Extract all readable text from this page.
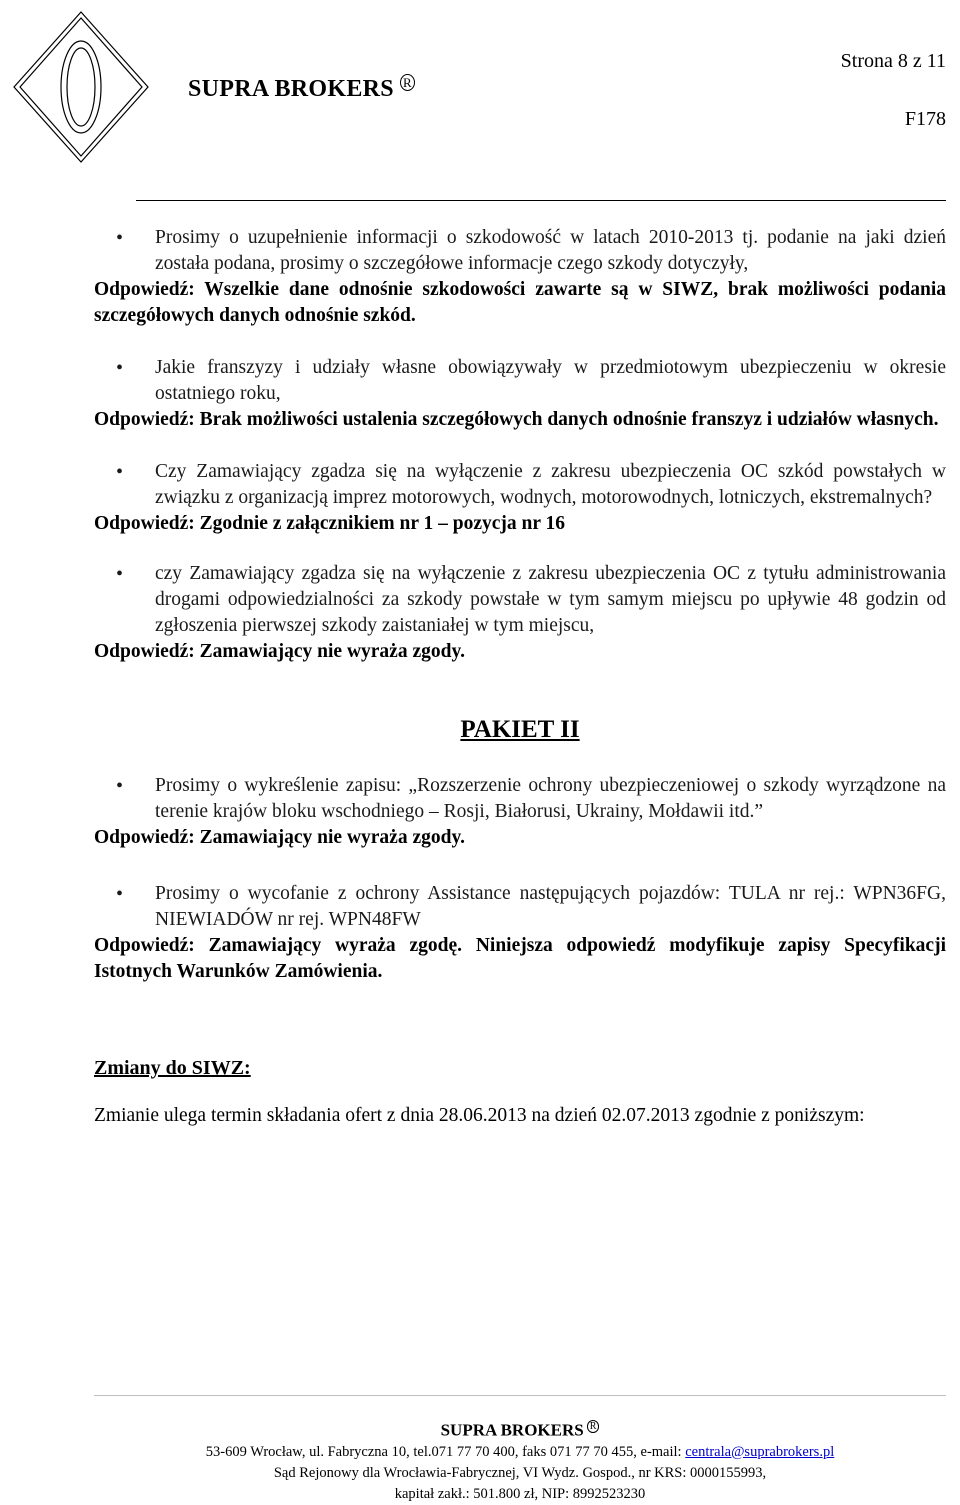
SUPRA BROKERS $^R$
Strona 8 z 11
F178
• Prosimy o uzupełnienie informacji o szkodowość w latach 2010-2013 tj. podanie na jaki dzień została podana, prosimy o szczegółowe informacje czego szkody dotyczyły,
Odpowiedź: Wszelkie dane odnośnie szkodowości zawarte są w SIWZ, brak możliwości podania szczegółowych danych odnośnie szkód.
• Jakie franszyzy i udziały własne obowiązywały w przedmiotowym ubezpieczeniu w okresie ostatniego roku,
Odpowiedź: Brak możliwości ustalenia szczegółowych danych odnośnie franszyz i udziałów własnych.
• Czy Zamawiający zgadza się na wyłączenie z zakresu ubezpieczenia OC szkód powstałych w związku z organizacją imprez motorowych, wodnych, motorowodnych, lotniczych, ekstremalnych?
Odpowiedź: Zgodnie z załącznikiem nr 1 – pozycja nr 16
• czy Zamawiający zgadza się na wyłączenie z zakresu ubezpieczenia OC z tytułu administrowania drogami odpowiedzialności za szkody powstałe w tym samym miejscu po upływie 48 godzin od zgłoszenia pierwszej szkody zaistaniałej w tym miejscu,
Odpowiedź: Zamawiający nie wyraża zgody.
PAKIET II
• Prosimy o wykreślenie zapisu: „Rozszerzenie ochrony ubezpieczeniowej o szkody wyrządzone na terenie krajów bloku wschodniego – Rosji, Białorusi, Ukrainy, Mołdawii itd.”
Odpowiedź: Zamawiający nie wyraża zgody.
• Prosimy o wycofanie z ochrony Assistance następujących pojazdów: TULA nr rej.: WPN36FG, NIEWIADÓW nr rej. WPN48FW
Odpowiedź: Zamawiający wyraża zgodę. Niniejsza odpowiedź modyfikuje zapisy Specyfikacji Istotnych Warunków Zamówienia.
Zmiany do SIWZ:
Zmianie ulega termin składania ofert z dnia 28.06.2013 na dzień 02.07.2013 zgodnie z poniższym:
SUPRA BROKERS $^R$
53-609 Wrocław, ul. Fabryczna 10, tel.071 77 70 400, faks 071 77 70 455, e-mail: centrala@suprabrokers.pl
Sąd Rejonowy dla Wrocławia-Fabrycznej, VI Wydz. Gospod., nr KRS: 0000155993,
kapitał zakł.: 501.800 zł, NIP: 8992523230
